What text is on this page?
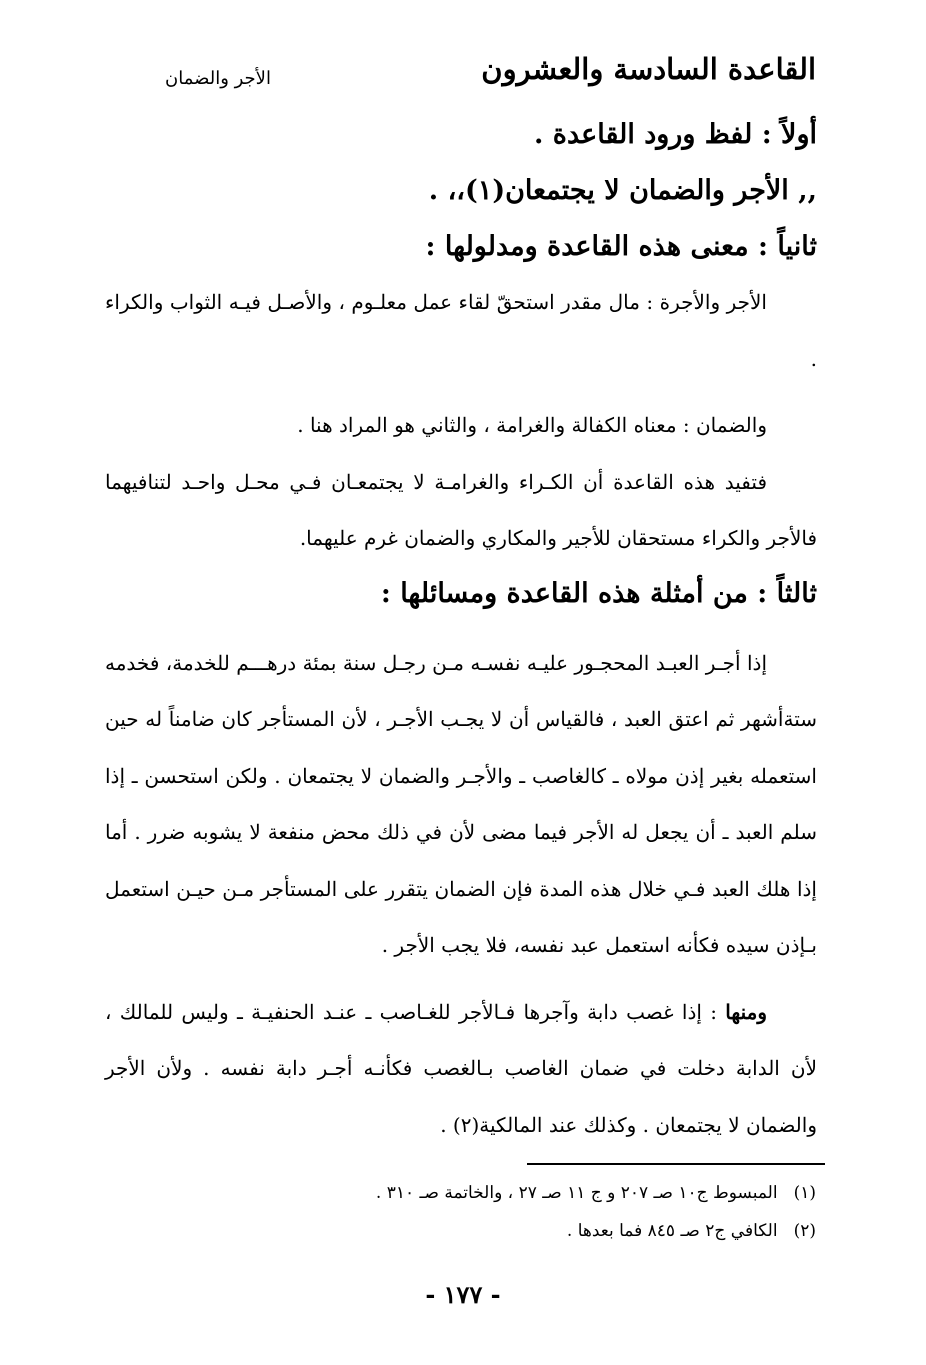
القاعدة السادسة والعشرون
الأجر والضمان
أولاً : لفظ ورود القاعدة .
,, الأجر والضمان لا يجتمعان(١)،، .
ثانياً : معنى هذه القاعدة ومدلولها :

الأجر والأجرة : مال مقدر استحقّ لقاء عمل معلـوم ، والأصـل فيـه الثواب والكراء .

والضمان : معناه الكفالة والغرامة ، والثاني هو المراد هنا .

فتفيد هذه القاعدة أن الكـراء والغرامـة لا يجتمعـان فـي محـل واحـد لتنافيهما فالأجر والكراء مستحقان للأجير والمكاري والضمان غرم عليهما.

ثالثاً : من أمثلة هذه القاعدة ومسائلها :

إذا أجـر العبـد المحجـور عليـه نفسـه مـن رجـل سنة بمئة درهـــم للخدمة، فخدمه ستةأشهر ثم اعتق العبد ، فالقياس أن لا يجـب الأجـر ، لأن المستأجر كان ضامناً له حين استعمله بغير إذن مولاه ـ كالغاصب ـ والأجـر والضمان لا يجتمعان . ولكن استحسن ـ إذا سلم العبد ـ أن يجعل له الأجر فيما مضى لأن في ذلك محض منفعة لا يشوبه ضرر . أما إذا هلك العبد فـي خلال هذه المدة فإن الضمان يتقرر على المستأجر مـن حيـن استعمل بـإذن سيده فكأنه استعمل عبد نفسه، فلا يجب الأجر .

ومنها : إذا غصب دابة وآجرها فـالأجر للغـاصب ـ عنـد الحنفيـة ـ وليس للمالك ، لأن الدابة دخلت في ضمان الغاصب بـالغصب فكأنـه أجـر دابة نفسه . ولأن الأجر والضمان لا يجتمعان . وكذلك عند المالكية(٢) .

(١)المبسوط ج١٠ صـ ٢٠٧ و ج ١١ صـ ٢٧ ، والخاتمة صـ ٣١٠ .
(٢)الكافي ج٢ صـ ٨٤٥ فما بعدها .
- ١٧٧ -
